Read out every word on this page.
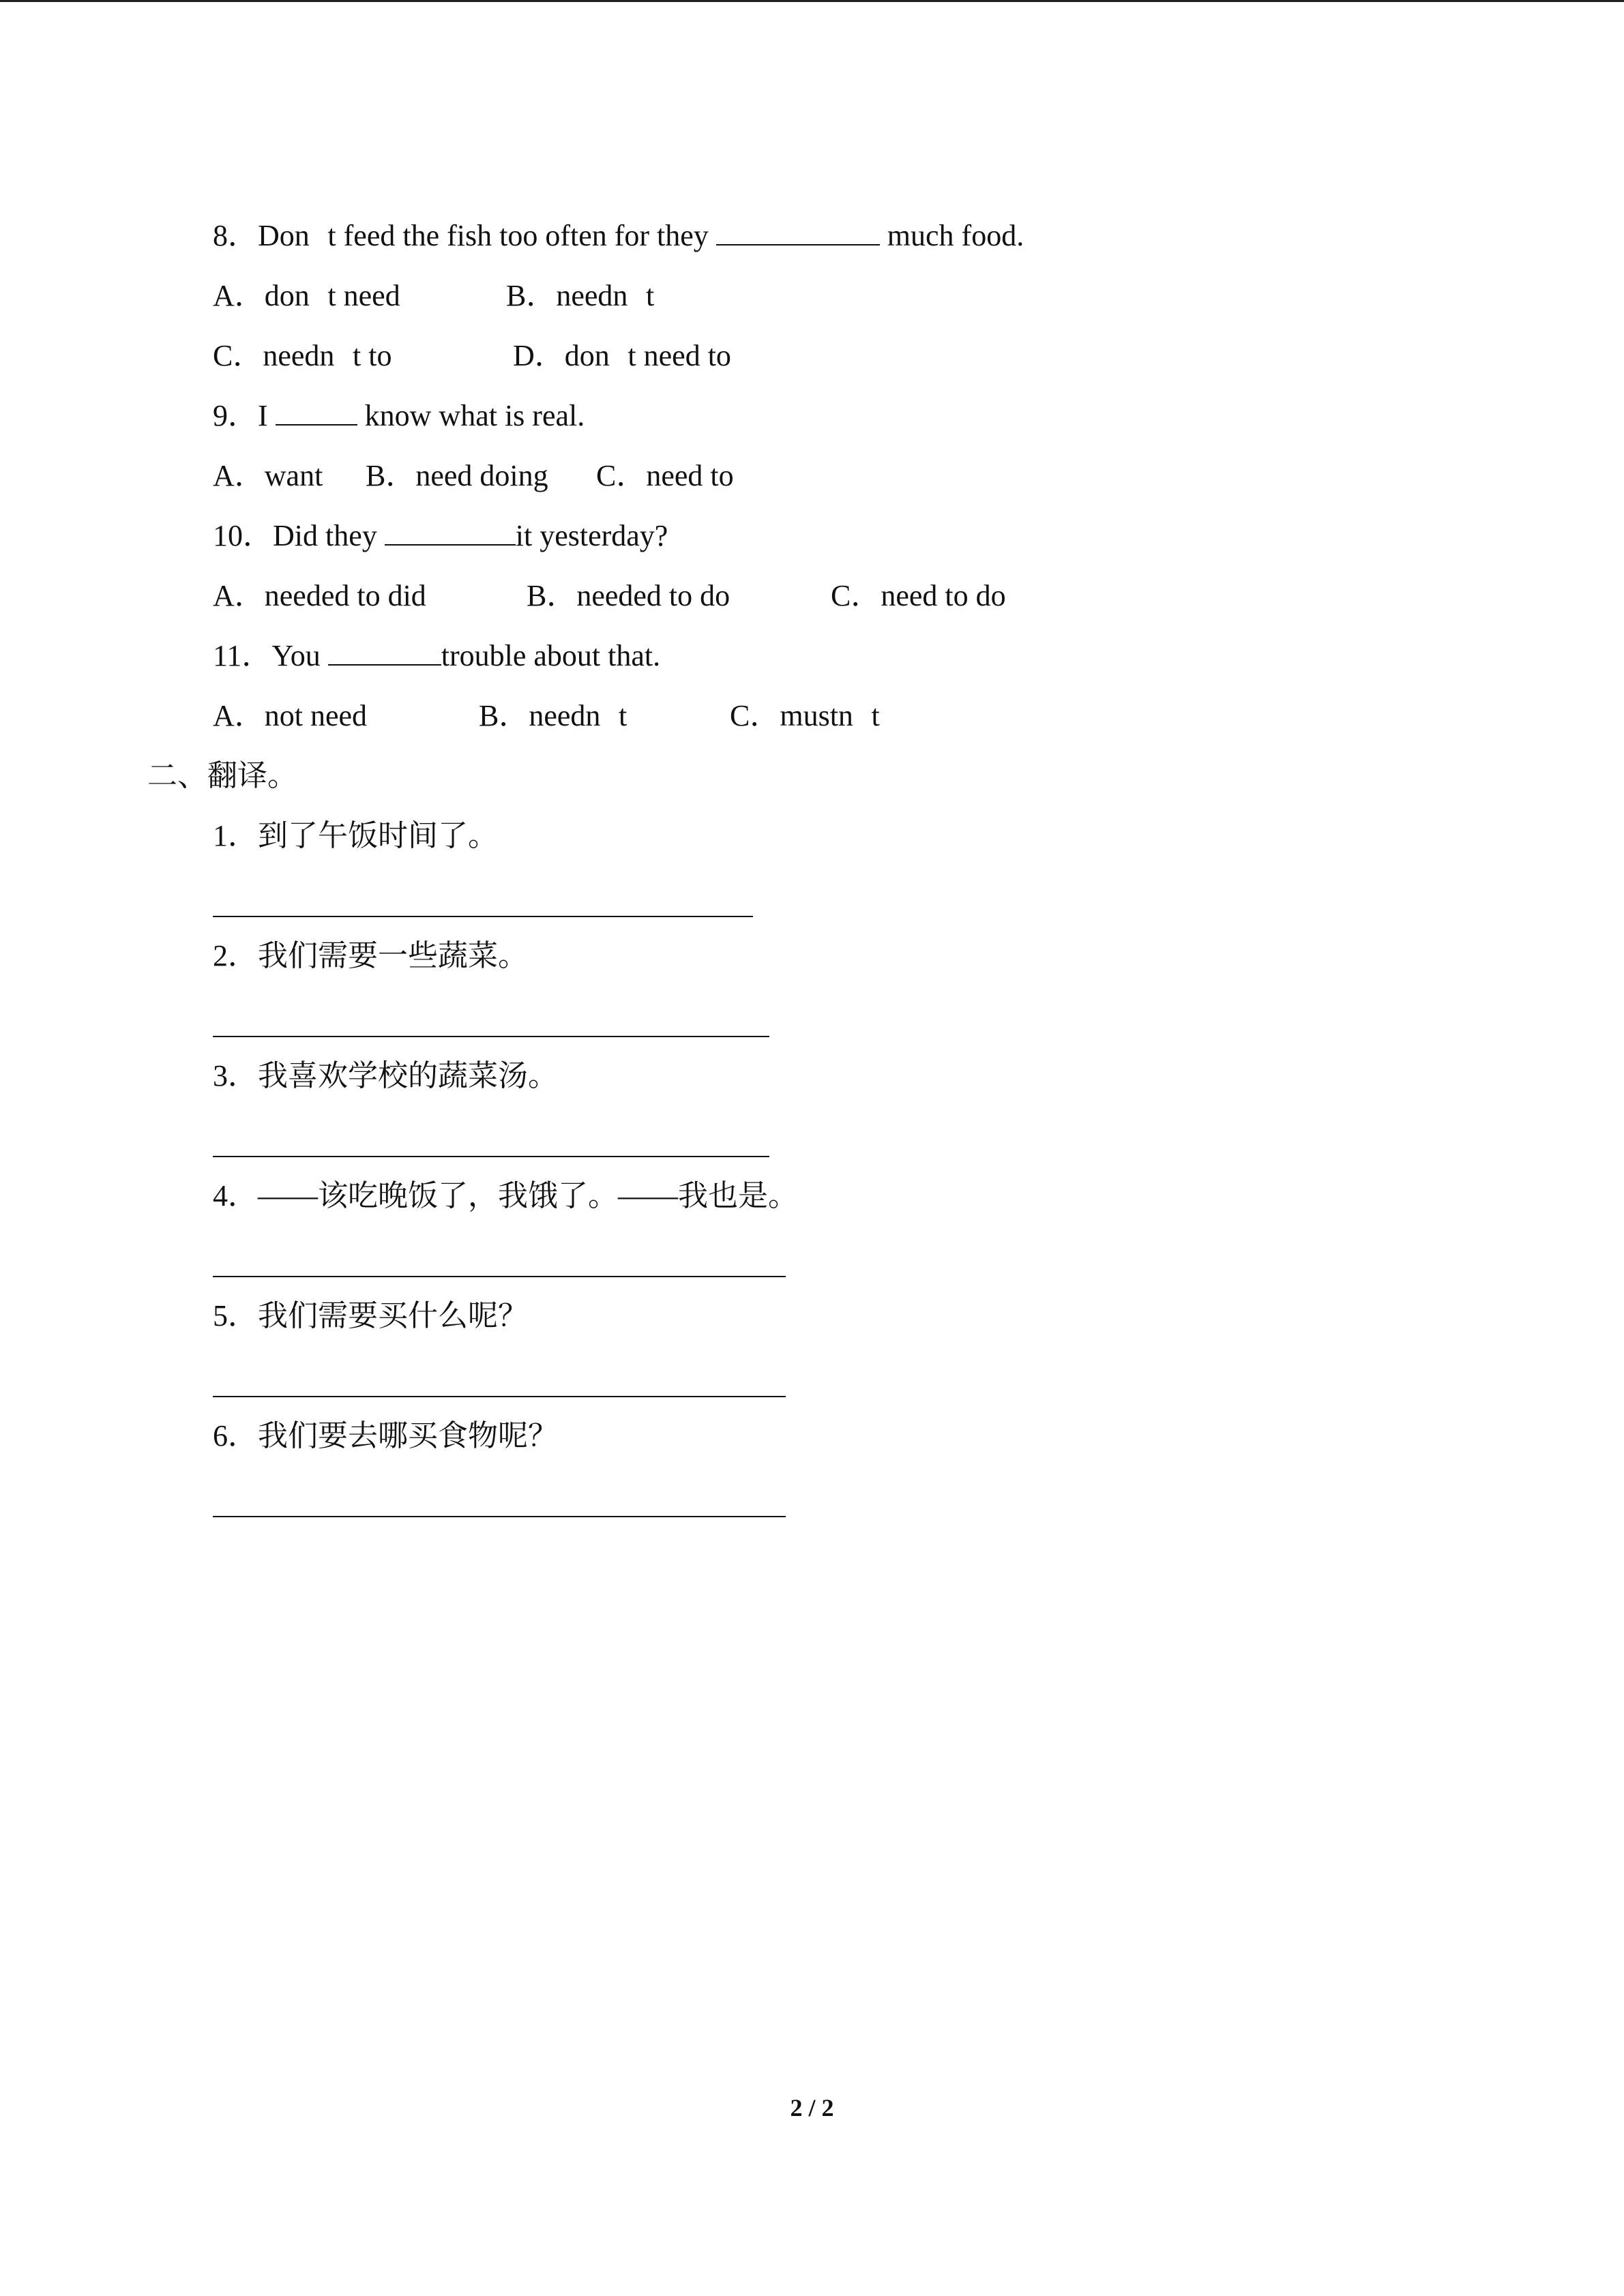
8．Dont feed the fish too often for they	much food.
A．dont need	B．neednt
C．neednt to	D．dont need to
9．I	know what is real.
A．want B．need doing C．need to
10．Did they	it yesterday?
A．needed to did	B．needed to do	C．need to do
11．You	trouble about that.
A．not need	B．neednt	C．mustnt
二、翻译。
1．到了午饭时间了。
2．我们需要一些蔬菜。
3．我喜欢学校的蔬菜汤。
4．——该吃晚饭了，我饿了。——我也是。
5．我们需要买什么呢？
6．我们要去哪买食物呢？
2 / 2
